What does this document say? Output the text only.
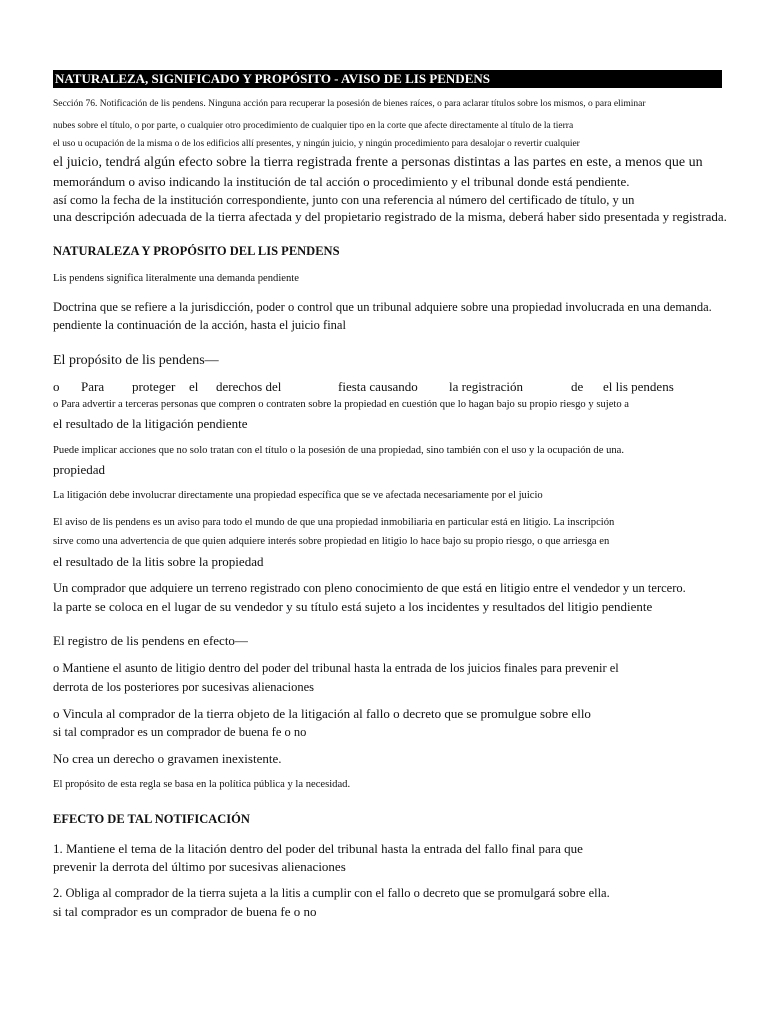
NATURALEZA, SIGNIFICADO Y PROPÓSITO - AVISO DE LIS PENDENS
Sección 76. Notificación de lis pendens. Ninguna acción para recuperar la posesión de bienes raíces, o para aclarar títulos sobre los mismos, o para eliminar
nubes sobre el título, o por parte, o cualquier otro procedimiento de cualquier tipo en la corte que afecte directamente al título de la tierra
el uso u ocupación de la misma o de los edificios allí presentes, y ningún juicio, y ningún procedimiento para desalojar o revertir cualquier
el juicio, tendrá algún efecto sobre la tierra registrada frente a personas distintas a las partes en este, a menos que un
memorándum o aviso indicando la institución de tal acción o procedimiento y el tribunal donde está pendiente.
así como la fecha de la institución correspondiente, junto con una referencia al número del certificado de título, y un
una descripción adecuada de la tierra afectada y del propietario registrado de la misma, deberá haber sido presentada y registrada.
NATURALEZA Y PROPÓSITO DEL LIS PENDENS
Lis pendens significa literalmente una demanda pendiente
Doctrina que se refiere a la jurisdicción, poder o control que un tribunal adquiere sobre una propiedad involucrada en una demanda.
pendiente la continuación de la acción, hasta el juicio final
El propósito de lis pendens—
o Para proteger el derechos del	fiesta causando la registración	de el lis pendens
o Para advertir a terceras personas que compren o contraten sobre la propiedad en cuestión que lo hagan bajo su propio riesgo y sujeto a
el resultado de la litigación pendiente
Puede implicar acciones que no solo tratan con el título o la posesión de una propiedad, sino también con el uso y la ocupación de una.
propiedad
La litigación debe involucrar directamente una propiedad específica que se ve afectada necesariamente por el juicio
El aviso de lis pendens es un aviso para todo el mundo de que una propiedad inmobiliaria en particular está en litigio. La inscripción
sirve como una advertencia de que quien adquiere interés sobre propiedad en litigio lo hace bajo su propio riesgo, o que arriesga en
el resultado de la litis sobre la propiedad
Un comprador que adquiere un terreno registrado con pleno conocimiento de que está en litigio entre el vendedor y un tercero.
la parte se coloca en el lugar de su vendedor y su título está sujeto a los incidentes y resultados del litigio pendiente
El registro de lis pendens en efecto—
o Mantiene el asunto de litigio dentro del poder del tribunal hasta la entrada de los juicios finales para prevenir el
derrota de los posteriores por sucesivas alienaciones
o Vincula al comprador de la tierra objeto de la litigación al fallo o decreto que se promulgue sobre ello
si tal comprador es un comprador de buena fe o no
No crea un derecho o gravamen inexistente.
El propósito de esta regla se basa en la política pública y la necesidad.
EFECTO DE TAL NOTIFICACIÓN
1. Mantiene el tema de la litación dentro del poder del tribunal hasta la entrada del fallo final para que
prevenir la derrota del último por sucesivas alienaciones
2. Obliga al comprador de la tierra sujeta a la litis a cumplir con el fallo o decreto que se promulgará sobre ella.
si tal comprador es un comprador de buena fe o no
